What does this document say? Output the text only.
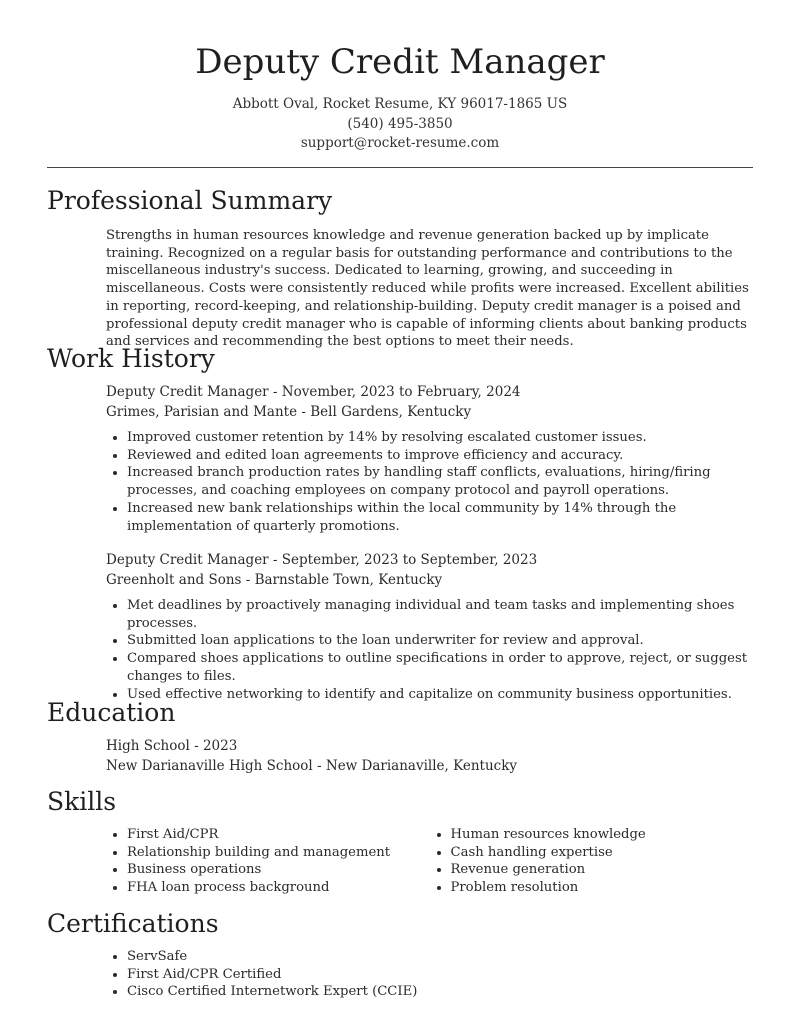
Deputy Credit Manager
Abbott Oval, Rocket Resume, KY 96017-1865 US
(540) 495-3850
support@rocket-resume.com
Professional Summary
Strengths in human resources knowledge and revenue generation backed up by implicate training. Recognized on a regular basis for outstanding performance and contributions to the miscellaneous industry's success. Dedicated to learning, growing, and succeeding in miscellaneous. Costs were consistently reduced while profits were increased. Excellent abilities in reporting, record-keeping, and relationship-building. Deputy credit manager is a poised and professional deputy credit manager who is capable of informing clients about banking products and services and recommending the best options to meet their needs.
Work History
Deputy Credit Manager - November, 2023 to February, 2024
Grimes, Parisian and Mante - Bell Gardens, Kentucky
• Improved customer retention by 14% by resolving escalated customer issues.
• Reviewed and edited loan agreements to improve efficiency and accuracy.
• Increased branch production rates by handling staff conflicts, evaluations, hiring/firing processes, and coaching employees on company protocol and payroll operations.
• Increased new bank relationships within the local community by 14% through the implementation of quarterly promotions.
Deputy Credit Manager - September, 2023 to September, 2023
Greenholt and Sons - Barnstable Town, Kentucky
• Met deadlines by proactively managing individual and team tasks and implementing shoes processes.
• Submitted loan applications to the loan underwriter for review and approval.
• Compared shoes applications to outline specifications in order to approve, reject, or suggest changes to files.
• Used effective networking to identify and capitalize on community business opportunities.
Education
High School - 2023
New Darianaville High School - New Darianaville, Kentucky
Skills
• First Aid/CPR
• Relationship building and management
• Business operations
• FHA loan process background
• Human resources knowledge
• Cash handling expertise
• Revenue generation
• Problem resolution
Certifications
• ServSafe
• First Aid/CPR Certified
• Cisco Certified Internetwork Expert (CCIE)
